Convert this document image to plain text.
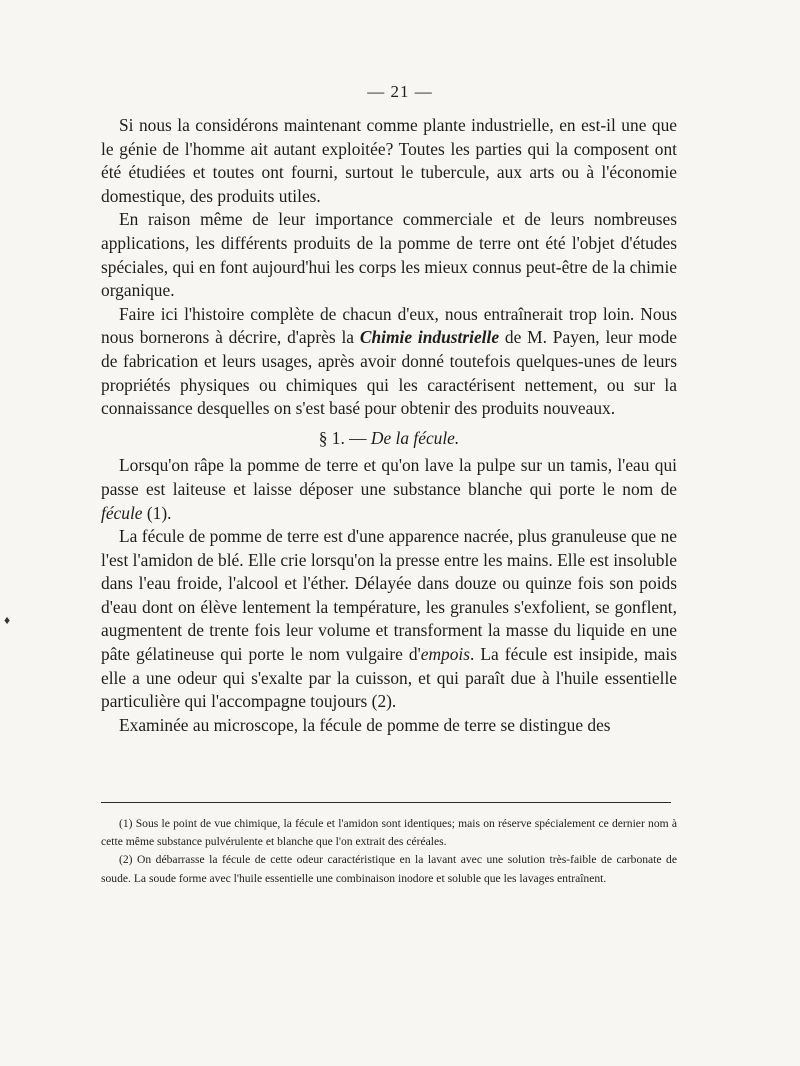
— 21 —

Si nous la considérons maintenant comme plante industrielle, en est-il une que le génie de l'homme ait autant exploitée? Toutes les parties qui la composent ont été étudiées et toutes ont fourni, surtout le tubercule, aux arts ou à l'économie domestique, des produits utiles.

En raison même de leur importance commerciale et de leurs nombreuses applications, les différents produits de la pomme de terre ont été l'objet d'études spéciales, qui en font aujourd'hui les corps les mieux connus peut-être de la chimie organique.

Faire ici l'histoire complète de chacun d'eux, nous entraînerait trop loin. Nous nous bornerons à décrire, d'après la Chimie industrielle de M. Payen, leur mode de fabrication et leurs usages, après avoir donné toutefois quelques-unes de leurs propriétés physiques ou chimiques qui les caractérisent nettement, ou sur la connaissance desquelles on s'est basé pour obtenir des produits nouveaux.

§ 1. — De la fécule.

Lorsqu'on râpe la pomme de terre et qu'on lave la pulpe sur un tamis, l'eau qui passe est laiteuse et laisse déposer une substance blanche qui porte le nom de fécule (1).

La fécule de pomme de terre est d'une apparence nacrée, plus granuleuse que ne l'est l'amidon de blé. Elle crie lorsqu'on la presse entre les mains. Elle est insoluble dans l'eau froide, l'alcool et l'éther. Délayée dans douze ou quinze fois son poids d'eau dont on élève lentement la température, les granules s'exfolient, se gonflent, augmentent de trente fois leur volume et transforment la masse du liquide en une pâte gélatineuse qui porte le nom vulgaire d'empois. La fécule est insipide, mais elle a une odeur qui s'exalte par la cuisson, et qui paraît due à l'huile essentielle particulière qui l'accompagne toujours (2).

Examinée au microscope, la fécule de pomme de terre se distingue des

(1) Sous le point de vue chimique, la fécule et l'amidon sont identiques; mais on réserve spécialement ce dernier nom à cette même substance pulvérulente et blanche que l'on extrait des céréales.

(2) On débarrasse la fécule de cette odeur caractéristique en la lavant avec une solution très-faible de carbonate de soude. La soude forme avec l'huile essentielle une combinaison inodore et soluble que les lavages entraînent.

♦
